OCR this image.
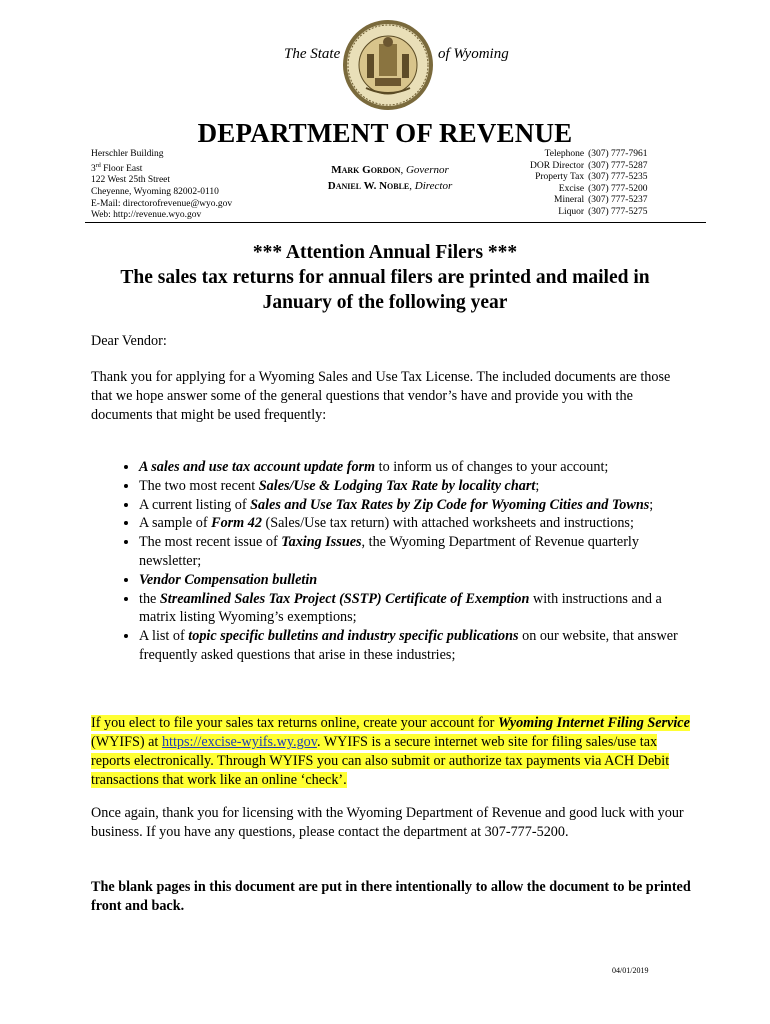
The State	of Wyoming
DEPARTMENT OF REVENUE
Herschler Building
3rd Floor East
122 West 25th Street
Cheyenne, Wyoming 82002-0110
E-Mail: directorofrevenue@wyo.gov
Web: http://revenue.wyo.gov
Mark Gordon, Governor
Daniel W. Noble, Director
Telephone	(307) 777-7961
DOR Director	(307) 777-5287
Property Tax	(307) 777-5235
Excise	(307) 777-5200
Mineral	(307) 777-5237
Liquor	(307) 777-5275
*** Attention Annual Filers ***
The sales tax returns for annual filers are printed and mailed in
January of the following year
Dear Vendor:
Thank you for applying for a Wyoming Sales and Use Tax License. The included documents are those that we hope answer some of the general questions that vendor’s have and provide you with the documents that might be used frequently:
• A sales and use tax account update form to inform us of changes to your account;
• The two most recent Sales/Use & Lodging Tax Rate by locality chart;
• A current listing of Sales and Use Tax Rates by Zip Code for Wyoming Cities and Towns;
• A sample of Form 42 (Sales/Use tax return) with attached worksheets and instructions;
• The most recent issue of Taxing Issues, the Wyoming Department of Revenue quarterly newsletter;
• Vendor Compensation bulletin
• the Streamlined Sales Tax Project (SSTP) Certificate of Exemption with instructions and a matrix listing Wyoming’s exemptions;
• A list of topic specific bulletins and industry specific publications on our website, that answer frequently asked questions that arise in these industries;
If you elect to file your sales tax returns online, create your account for Wyoming Internet Filing Service (WYIFS) at https://excise-wyifs.wy.gov. WYIFS is a secure internet web site for filing sales/use tax reports electronically. Through WYIFS you can also submit or authorize tax payments via ACH Debit transactions that work like an online ‘check’.
Once again, thank you for licensing with the Wyoming Department of Revenue and good luck with your business. If you have any questions, please contact the department at 307-777-5200.
The blank pages in this document are put in there intentionally to allow the document to be printed front and back.
04/01/2019
